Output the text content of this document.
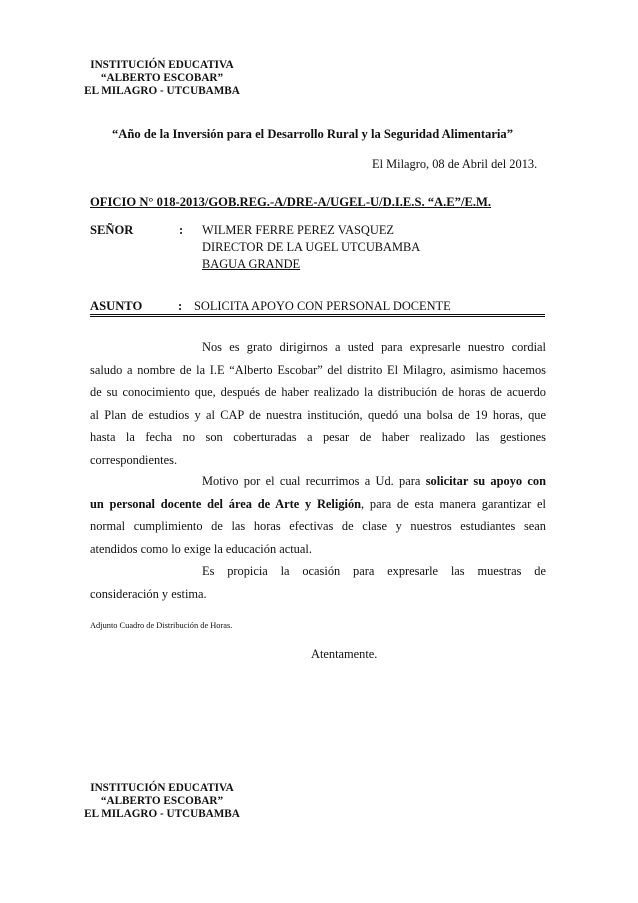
INSTITUCIÓN EDUCATIVA
“ALBERTO ESCOBAR”
EL MILAGRO - UTCUBAMBA
“Año de la Inversión para el Desarrollo Rural y la Seguridad Alimentaria”
El Milagro, 08 de Abril del 2013.
OFICIO N° 018-2013/GOB.REG.-A/DRE-A/UGEL-U/D.I.E.S. “A.E”/E.M.
SEÑOR	: WILMER FERRE PEREZ VASQUEZ
DIRECTOR DE LA UGEL UTCUBAMBA
BAGUA GRANDE
ASUNTO	: SOLICITA APOYO CON PERSONAL DOCENTE
Nos es grato dirigirnos a usted para expresarle nuestro cordial
saludo a nombre de la I.E “Alberto Escobar” del distrito El Milagro, asimismo hacemos
de su conocimiento que, después de haber realizado la distribución de horas de acuerdo
al Plan de estudios y al CAP de nuestra institución, quedó una bolsa de 19 horas, que
hasta la fecha no son coberturadas a pesar de haber realizado las gestiones
correspondientes.
Motivo por el cual recurrimos a Ud. para solicitar su apoyo con
un personal docente del área de Arte y Religión, para de esta manera garantizar el
normal cumplimiento de las horas efectivas de clase y nuestros estudiantes sean
atendidos como lo exige la educación actual.
Es propicia la ocasión para expresarle las muestras de
consideración y estima.
Adjunto Cuadro de Distribución de Horas.
Atentamente.
INSTITUCIÓN EDUCATIVA
“ALBERTO ESCOBAR”
EL MILAGRO - UTCUBAMBA
